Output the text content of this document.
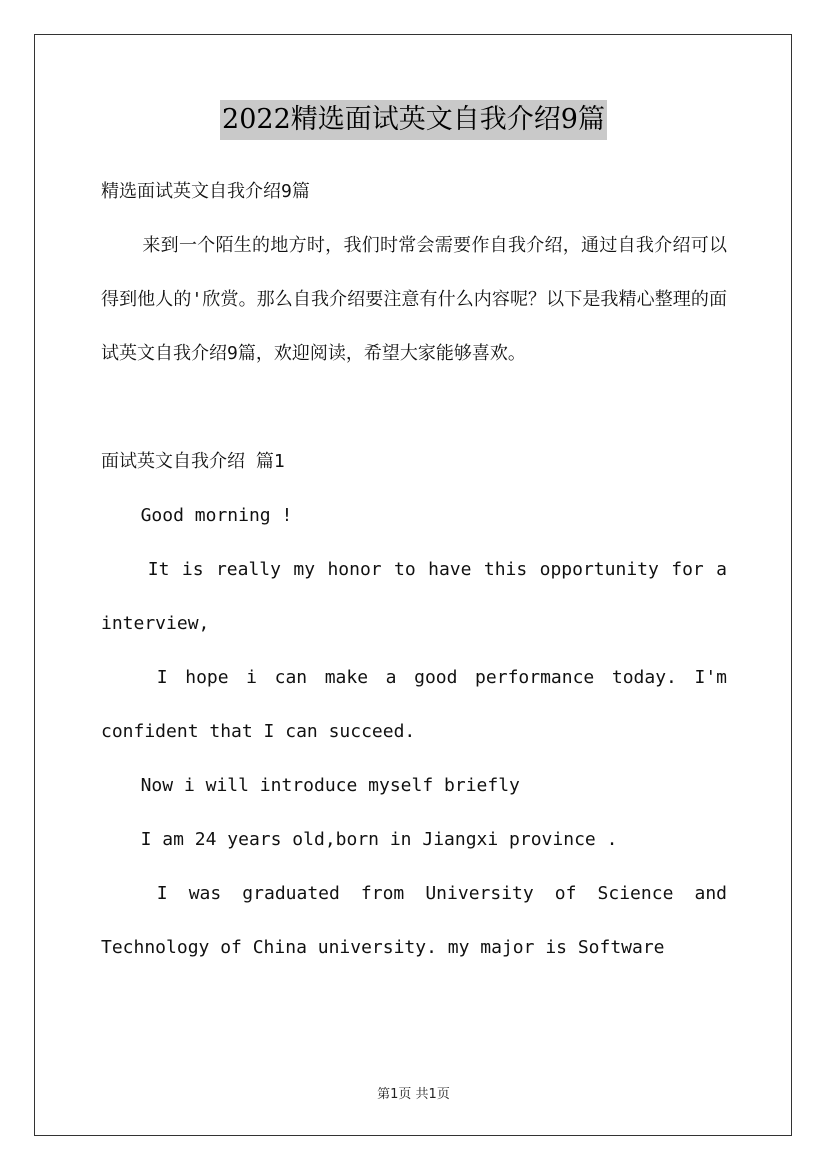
2022精选面试英文自我介绍9篇

精选面试英文自我介绍9篇

来到一个陌生的地方时，我们时常会需要作自我介绍，通过自我介绍可以得到他人的'欣赏。那么自我介绍要注意有什么内容呢？以下是我精心整理的面试英文自我介绍9篇，欢迎阅读，希望大家能够喜欢。

面试英文自我介绍 篇1

Good morning !

It is really my honor to have this opportunity for a interview,

I hope i can make a good performance today. I'm confident that I can succeed.

Now i will introduce myself briefly

I am 24 years old,born in Jiangxi province .

I was graduated from University of Science and Technology of China university. my major is Software

第1页 共1页
